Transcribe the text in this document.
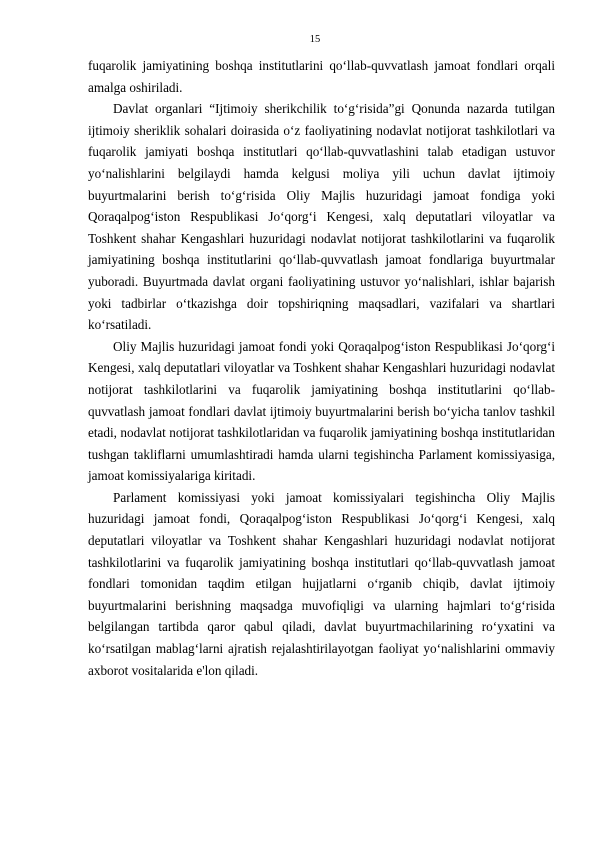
15

fuqarolik jamiyatining boshqa institutlarini qo‘llab-quvvatlash jamoat fondlari orqali amalga oshiriladi.

Davlat organlari “Ijtimoiy sherikchilik to‘g‘risida”gi Qonunda nazarda tutilgan ijtimoiy sheriklik sohalari doirasida o‘z faoliyatining nodavlat notijorat tashkilotlari va fuqarolik jamiyati boshqa institutlari qo‘llab-quvvatlashini talab etadigan ustuvor yo‘nalishlarini belgilaydi hamda kelgusi moliya yili uchun davlat ijtimoiy buyurtmalarini berish to‘g‘risida Oliy Majlis huzuridagi jamoat fondiga yoki Qoraqalpog‘iston Respublikasi Jo‘qorg‘i Kengesi, xalq deputatlari viloyatlar va Toshkent shahar Kengashlari huzuridagi nodavlat notijorat tashkilotlarini va fuqarolik jamiyatining boshqa institutlarini qo‘llab-quvvatlash jamoat fondlariga buyurtmalar yuboradi. Buyurtmada davlat organi faoliyatining ustuvor yo‘nalishlari, ishlar bajarish yoki tadbirlar o‘tkazishga doir topshiriqning maqsadlari, vazifalari va shartlari ko‘rsatiladi.

Oliy Majlis huzuridagi jamoat fondi yoki Qoraqalpog‘iston Respublikasi Jo‘qorg‘i Kengesi, xalq deputatlari viloyatlar va Toshkent shahar Kengashlari huzuridagi nodavlat notijorat tashkilotlarini va fuqarolik jamiyatining boshqa institutlarini qo‘llab-quvvatlash jamoat fondlari davlat ijtimoiy buyurtmalarini berish bo‘yicha tanlov tashkil etadi, nodavlat notijorat tashkilotlaridan va fuqarolik jamiyatining boshqa institutlaridan tushgan takliflarni umumlashtiradi hamda ularni tegishincha Parlament komissiyasiga, jamoat komissiyalariga kiritadi.

Parlament komissiyasi yoki jamoat komissiyalari tegishincha Oliy Majlis huzuridagi jamoat fondi, Qoraqalpog‘iston Respublikasi Jo‘qorg‘i Kengesi, xalq deputatlari viloyatlar va Toshkent shahar Kengashlari huzuridagi nodavlat notijorat tashkilotlarini va fuqarolik jamiyatining boshqa institutlari qo‘llab-quvvatlash jamoat fondlari tomonidan taqdim etilgan hujjatlarni o‘rganib chiqib, davlat ijtimoiy buyurtmalarini berishning maqsadga muvofiqligi va ularning hajmlari to‘g‘risida belgilangan tartibda qaror qabul qiladi, davlat buyurtmachilarining ro‘yxatini va ko‘rsatilgan mablag‘larni ajratish rejalashtirilayotgan faoliyat yo‘nalishlarini ommaviy axborot vositalarida e'lon qiladi.
